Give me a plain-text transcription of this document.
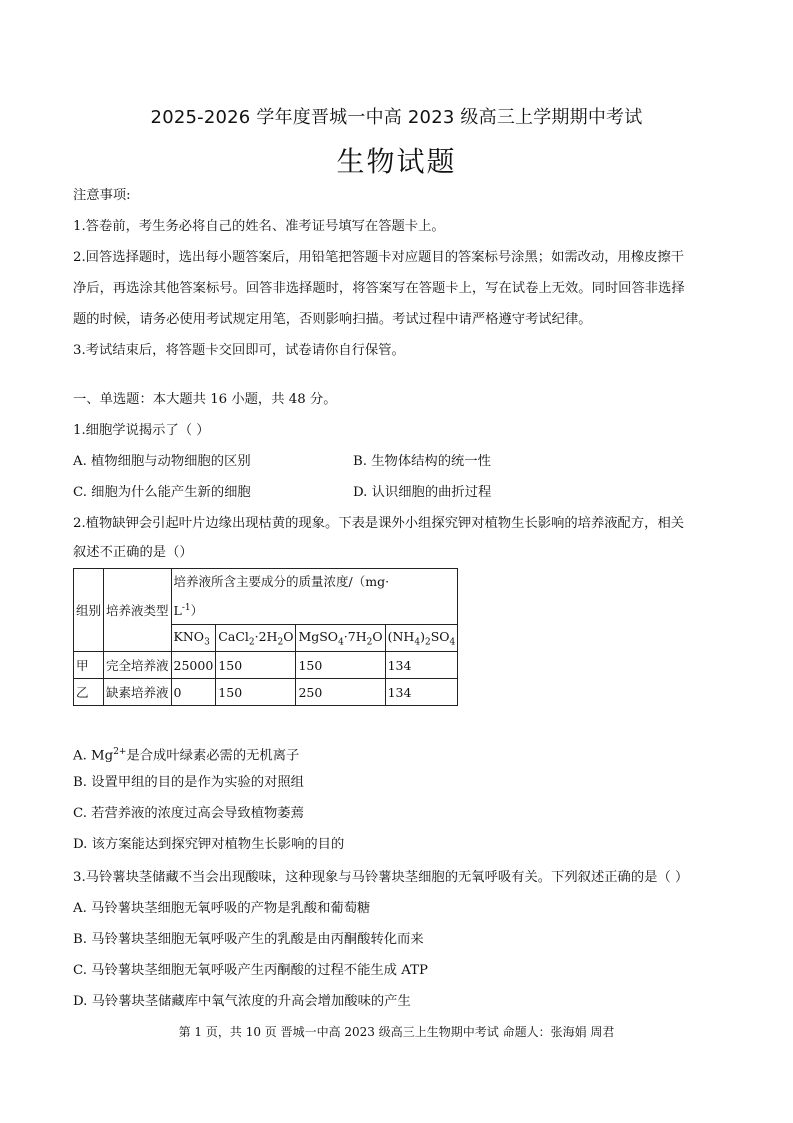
2025-2026 学年度晋城一中高 2023 级高三上学期期中考试
生物试题
注意事项:
1.答卷前，考生务必将自己的姓名、准考证号填写在答题卡上。
2.回答选择题时，选出每小题答案后，用铅笔把答题卡对应题目的答案标号涂黑；如需改动，用橡皮擦干
净后，再选涂其他答案标号。回答非选择题时，将答案写在答题卡上，写在试卷上无效。同时回答非选择
题的时候，请务必使用考试规定用笔，否则影响扫描。考试过程中请严格遵守考试纪律。
3.考试结束后，将答题卡交回即可，试卷请你自行保管。
一、单选题：本大题共 16 小题，共 48 分。
1.细胞学说揭示了（ ）
A. 植物细胞与动物细胞的区别	B. 生物体结构的统一性
C. 细胞为什么能产生新的细胞	D. 认识细胞的曲折过程
2.植物缺钾会引起叶片边缘出现枯黄的现象。下表是课外小组探究钾对植物生长影响的培养液配方，相关
叙述不正确的是（）
组别	培养液类型	培养液所含主要成分的质量浓度/（mg·
$L^{-1}$）			
		$KNO_3$	$CaCl_2\cdot 2H_2O$	$MgSO_4\cdot 7H_2O$	$(NH_4)_2SO_4$
甲	完全培养液	25000	150	150	134
乙	缺素培养液	0	150	250	134
A. $Mg^{2+}$是合成叶绿素必需的无机离子
B. 设置甲组的目的是作为实验的对照组
C. 若营养液的浓度过高会导致植物萎蔫
D. 该方案能达到探究钾对植物生长影响的目的
3.马铃薯块茎储藏不当会出现酸味，这种现象与马铃薯块茎细胞的无氧呼吸有关。下列叙述正确的是（ ）
A. 马铃薯块茎细胞无氧呼吸的产物是乳酸和葡萄糖
B. 马铃薯块茎细胞无氧呼吸产生的乳酸是由丙酮酸转化而来
C. 马铃薯块茎细胞无氧呼吸产生丙酮酸的过程不能生成 ATP
D. 马铃薯块茎储藏库中氧气浓度的升高会增加酸味的产生
第 1 页，共 10 页 晋城一中高 2023 级高三上生物期中考试 命题人：张海娟 周君
